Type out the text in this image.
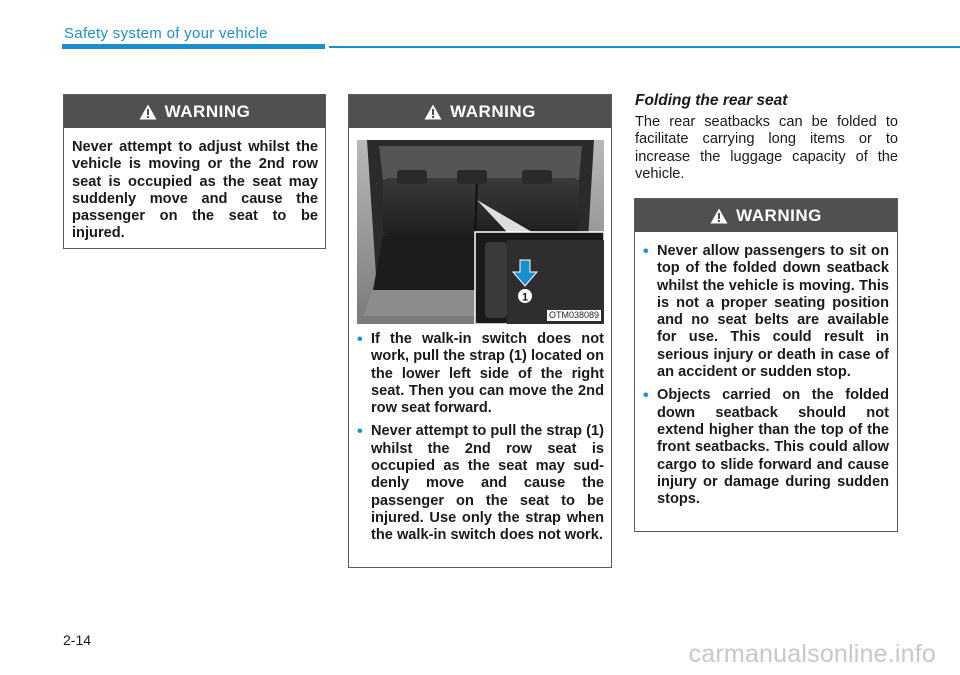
Safety system of your vehicle
WARNING
Never attempt to adjust whilst the vehicle is moving or the 2nd row seat is occupied as the seat may suddenly move and cause the passenger on the seat to be injured.
WARNING
1
OTM038089
• If the walk-in switch does not work, pull the strap (1) located on the lower left side of the right seat. Then you can move the 2nd row seat forward.
• Never attempt to pull the strap (1) whilst the 2nd row seat is occupied as the seat may sud-denly move and cause the passenger on the seat to be injured. Use only the strap when the walk-in switch does not work.
Folding the rear seat
The rear seatbacks can be folded to facilitate carrying long items or to increase the luggage capacity of the vehicle.
WARNING
• Never allow passengers to sit on top of the folded down seatback whilst the vehicle is moving. This is not a proper seating position and no seat belts are available for use. This could result in serious injury or death in case of an accident or sudden stop.
• Objects carried on the folded down seatback should not extend higher than the top of the front seatbacks. This could allow cargo to slide forward and cause injury or damage during sudden stops.
2-14	carmanualsonline.info
